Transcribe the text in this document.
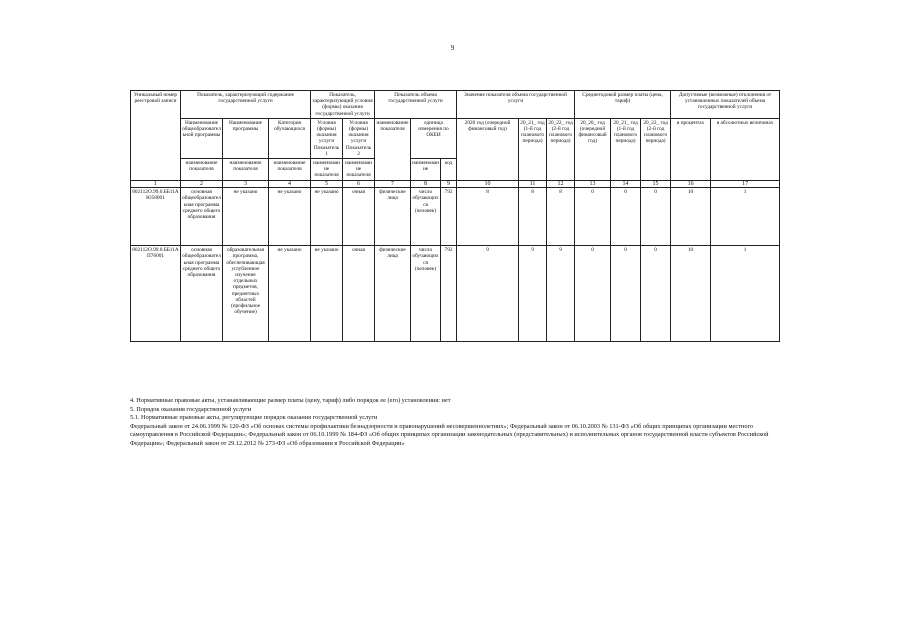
9
Уникальный номер реестровой записи	Показатель, характеризующий содержание государственной услуги			Показатель, характеризующий условия (формы) оказания государственной услуги		Показатель объема государственной услуги			Значение показателя объема государственной услуги			Среднегодовой размер платы (цена, тариф)			Допустимые (возможные) отклонения от установленных показателей объема государственной услуги	
	Наименование общеобразовательной программы	Наименование программы	Категория обучающихся	Условия (формы) оказания услуги Показатель 1	Условия (формы) оказания услуги Показатель 2	наименование показателя	единица измерения по ОКЕИ		2020 год (очередной финансовый год)	20_21_ год (1-й год планового периода)	20_22_ год (2-й год планового периода)	20_20_ год (очередной финансовый год)	20_21_ год (1-й год планового периода)	20_22_ год (2-й год планового периода)	в процентах	в абсолютных величинах
	наименование показателя	наименование показателя	наименование показателя	наименование показателя	наименование показателя		наименование	код								
1	2	3	4	5	6	7	8	9	10	11	12	13	14	15	16	17
802112О.99.0.ББ11АЮ58001	основная общеобразовательная программа среднего общего образования	не указано	не указано	не указано	очная	физические лица	число обучающихся (человек)	792	8	8	8	0	0	0	10	1
802112О.99.0.ББ11АП76001	основная общеобразовательная программа среднего общего образования	образовательная программа, обеспечивающая углубленное изучение отдельных предметов, предметных областей (профильное обучение)	не указано	не указано	очная	физические лица	число обучающихся (человек)	792	9	9	9	0	0	0	10	1

4. Нормативные правовые акты, устанавливающие размер платы (цену, тариф) либо порядок ее (его) установления: нет

5. Порядок оказания государственной услуги

5.1. Нормативные правовые акты, регулирующие порядок оказания государственной услуги

Федеральный закон от 24.06.1999 № 120-ФЗ «Об основах системы профилактики безнадзорности и правонарушений несовершеннолетних»; Федеральный закон от 06.10.2003 № 131-ФЗ «Об общих принципах организации местного самоуправления в Российской Федерации»; Федеральный закон от 06.10.1999 № 184-ФЗ «Об общих принципах организации законодательных (представительных) и исполнительных органов государственной власти субъектов Российской Федерации»; Федеральный закон от 29.12.2012 № 273-ФЗ «Об образовании в Российской Федерации»
